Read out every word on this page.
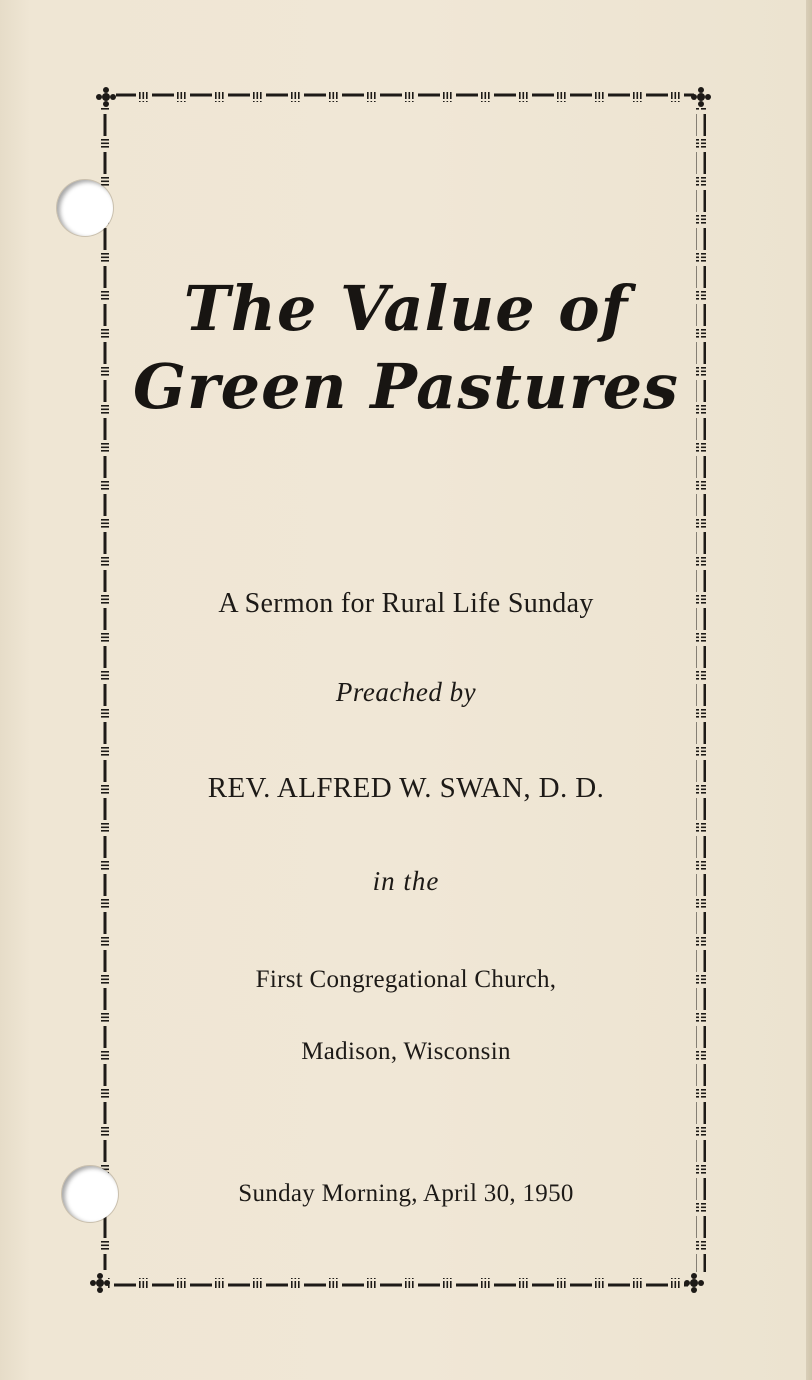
The Value of Green Pastures
A Sermon for Rural Life Sunday
Preached by
REV. ALFRED W. SWAN, D. D.
in the
First Congregational Church,
Madison, Wisconsin
Sunday Morning, April 30, 1950
